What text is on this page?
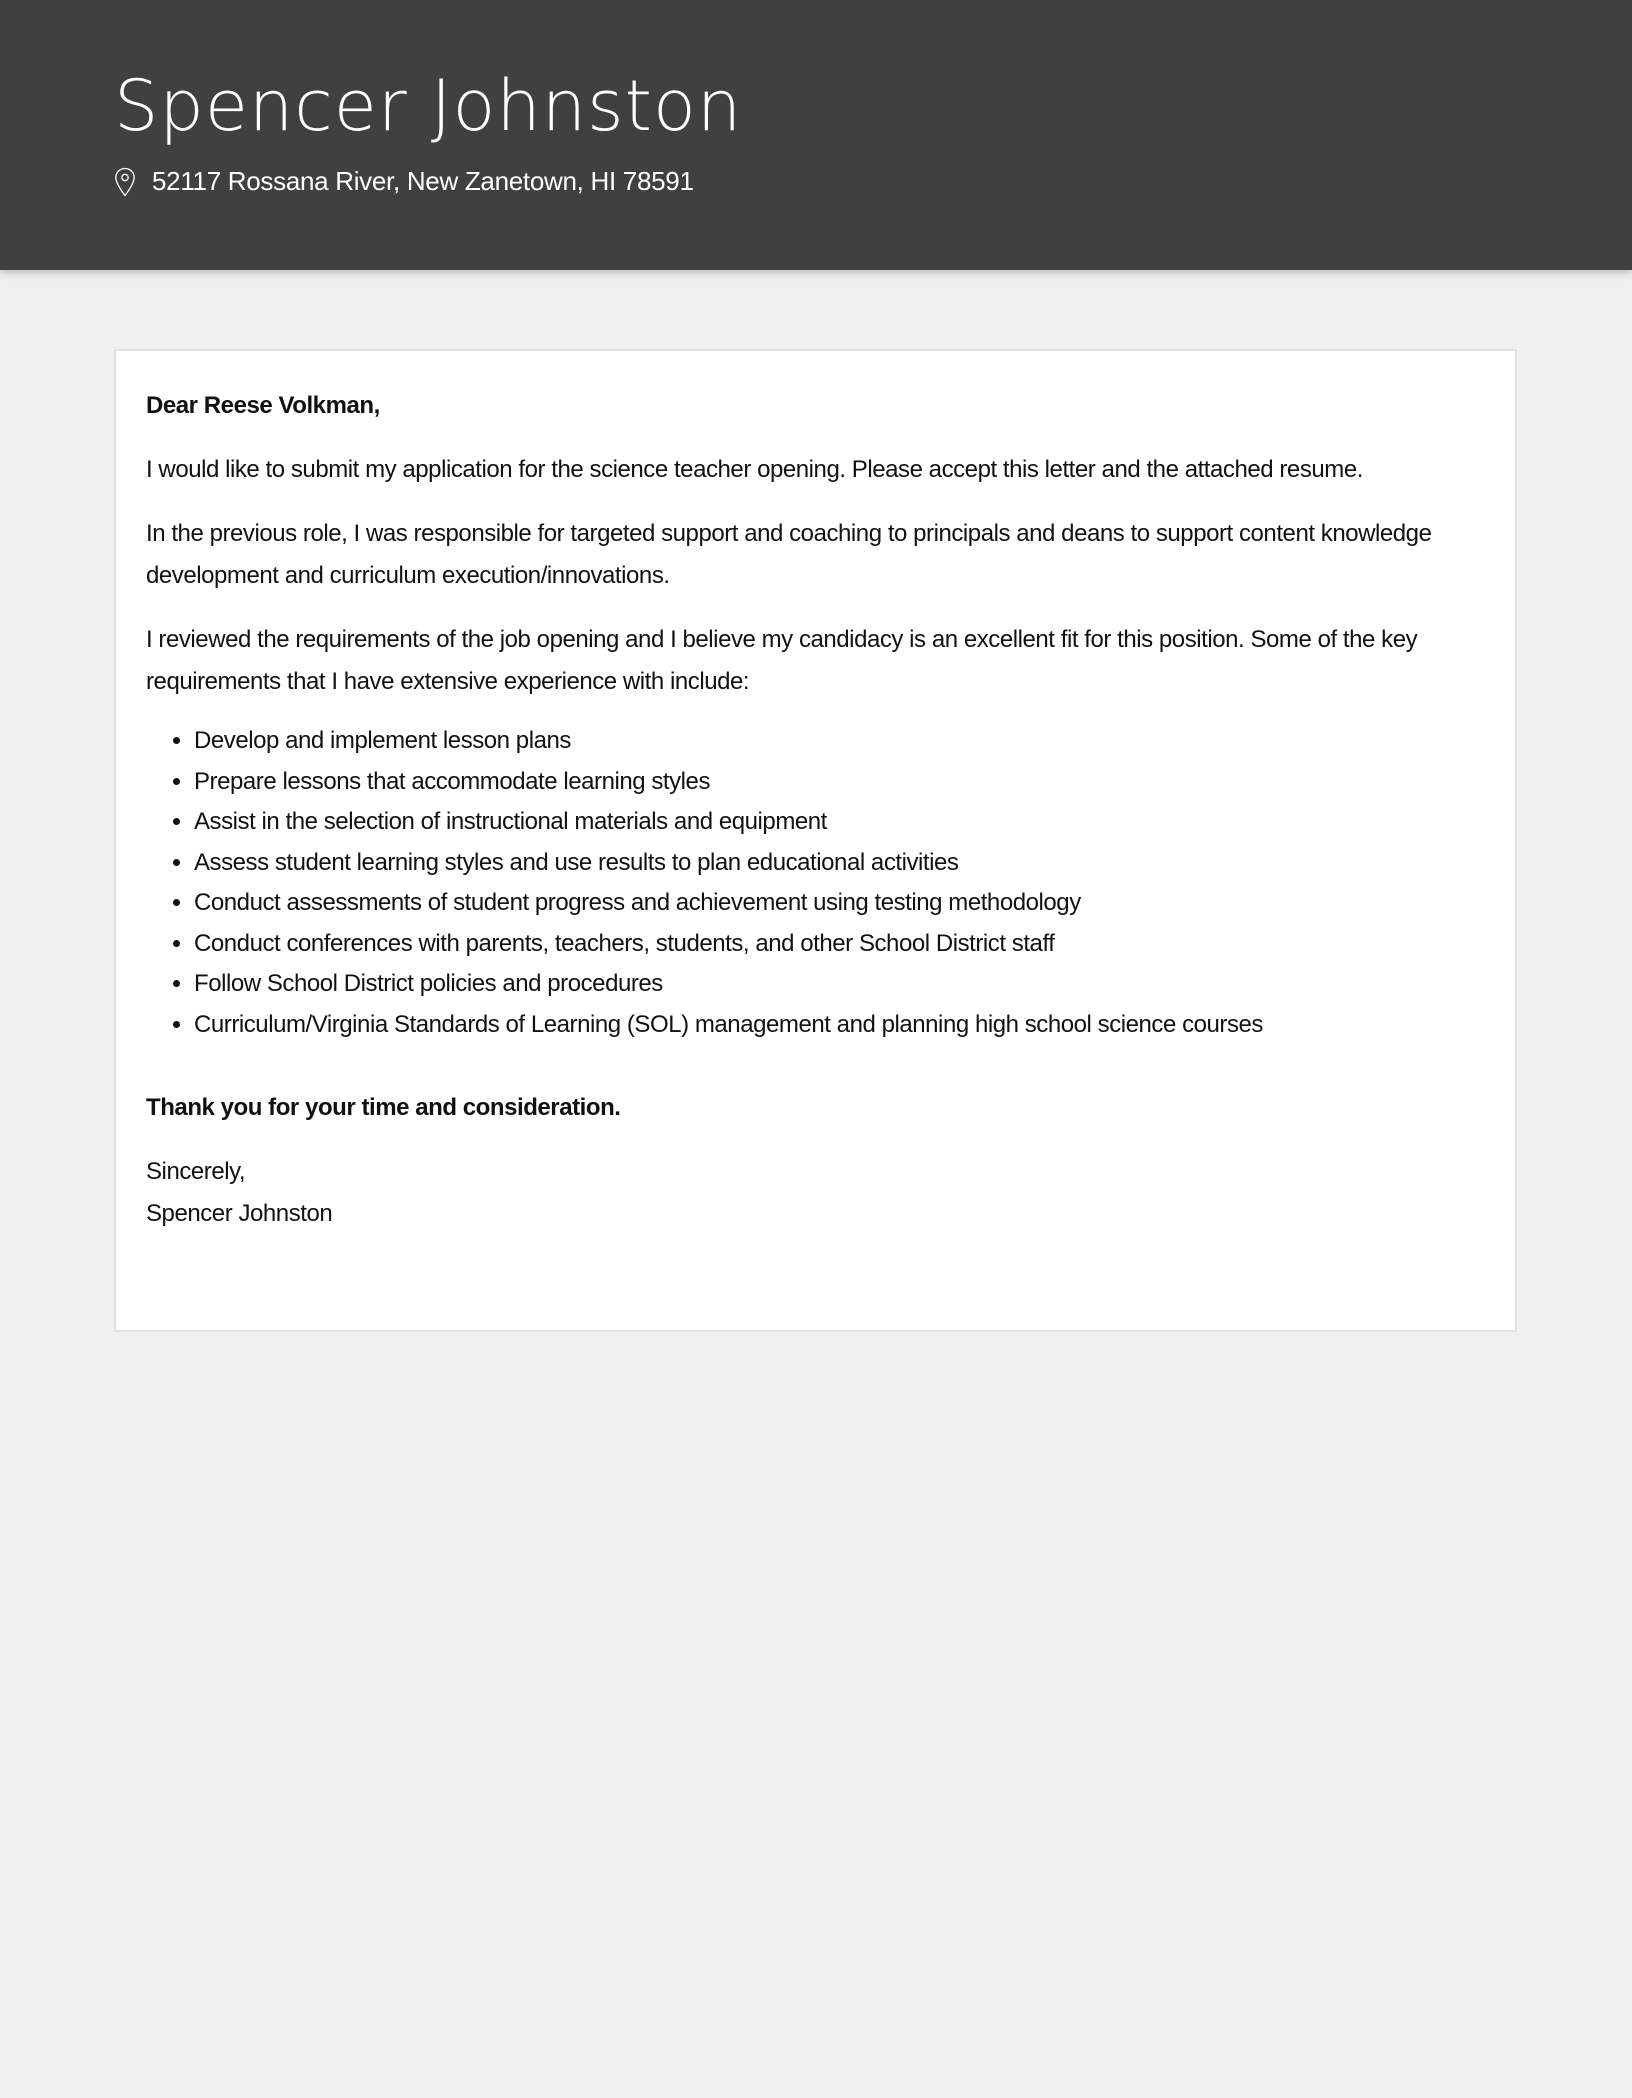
Spencer Johnston
52117 Rossana River, New Zanetown, HI 78591

Dear Reese Volkman,

I would like to submit my application for the science teacher opening. Please accept this letter and the attached resume.

In the previous role, I was responsible for targeted support and coaching to principals and deans to support content knowledge development and curriculum execution/innovations.

I reviewed the requirements of the job opening and I believe my candidacy is an excellent fit for this position. Some of the key requirements that I have extensive experience with include:

• Develop and implement lesson plans
• Prepare lessons that accommodate learning styles
• Assist in the selection of instructional materials and equipment
• Assess student learning styles and use results to plan educational activities
• Conduct assessments of student progress and achievement using testing methodology
• Conduct conferences with parents, teachers, students, and other School District staff
• Follow School District policies and procedures
• Curriculum/Virginia Standards of Learning (SOL) management and planning high school science courses

Thank you for your time and consideration.

Sincerely,

Spencer Johnston
